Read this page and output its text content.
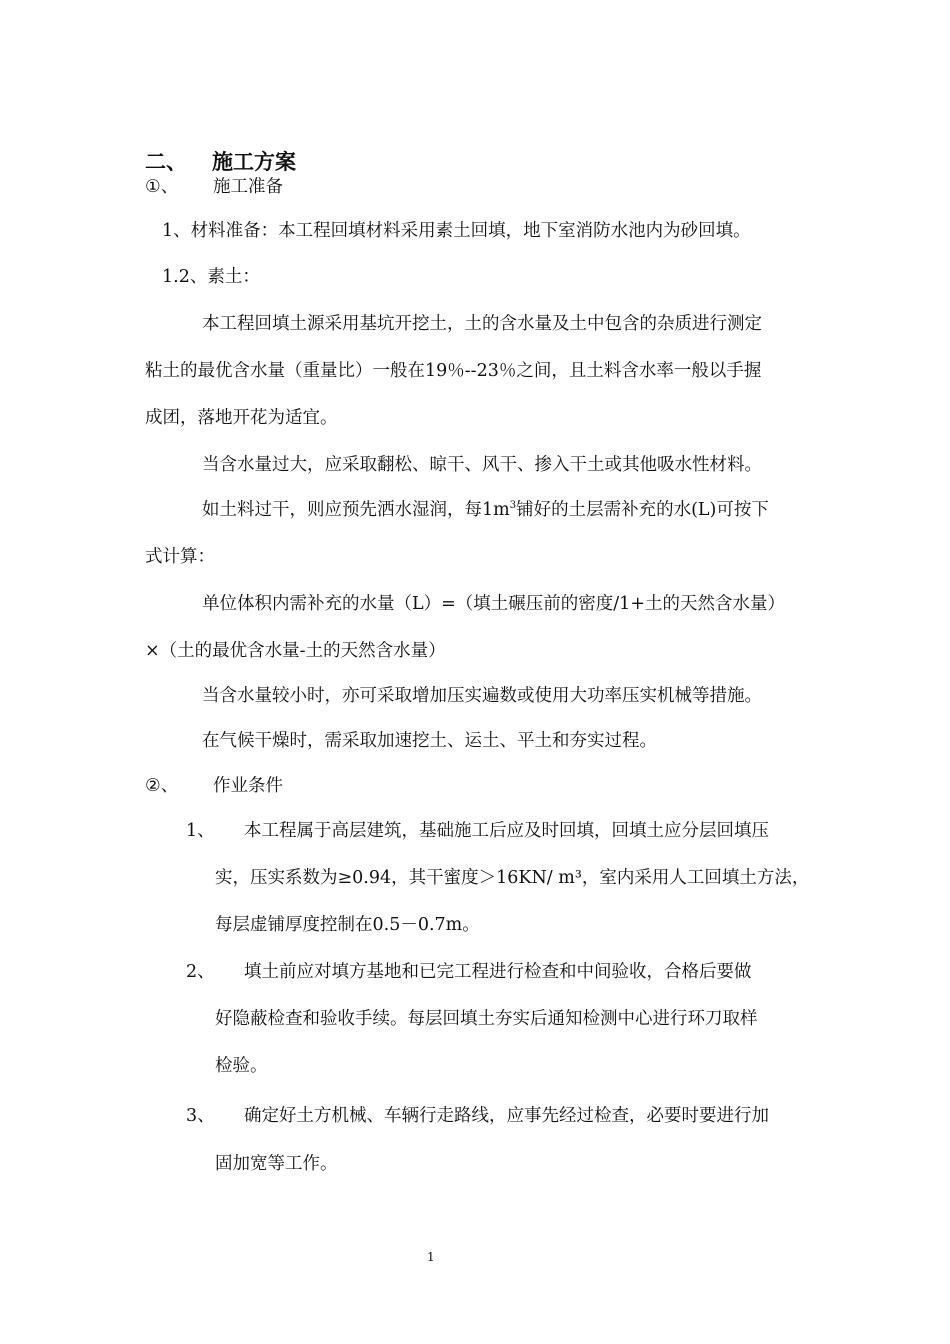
二、 施工方案
①、 施工准备
1、材料准备：本工程回填材料采用素土回填，地下室消防水池内为砂回填。
1.2、素土：
本工程回填土源采用基坑开挖土，土的含水量及土中包含的杂质进行测定
粘土的最优含水量（重量比）一般在19％--23％之间，且土料含水率一般以手握
成团，落地开花为适宜。
当含水量过大，应采取翻松、晾干、风干、掺入干土或其他吸水性材料。
如土料过干，则应预先洒水湿润，每$1m^3$铺好的土层需补充的水(L)可按下
式计算：
单位体积内需补充的水量（L）=（填土碾压前的密度/1+土的天然含水量）
×（土的最优含水量-土的天然含水量）
当含水量较小时，亦可采取增加压实遍数或使用大功率压实机械等措施。
在气候干燥时，需采取加速挖土、运土、平土和夯实过程。
②、 作业条件
1、 本工程属于高层建筑，基础施工后应及时回填，回填土应分层回填压
实，压实系数为≥0.94，其干蜜度＞16KN/ m³，室内采用人工回填土方法，
每层虚铺厚度控制在0.5－0.7m。
2、 填土前应对填方基地和已完工程进行检查和中间验收，合格后要做
好隐蔽检查和验收手续。每层回填土夯实后通知检测中心进行环刀取样
检验。
3、 确定好土方机械、车辆行走路线，应事先经过检查，必要时要进行加
固加宽等工作。
1
